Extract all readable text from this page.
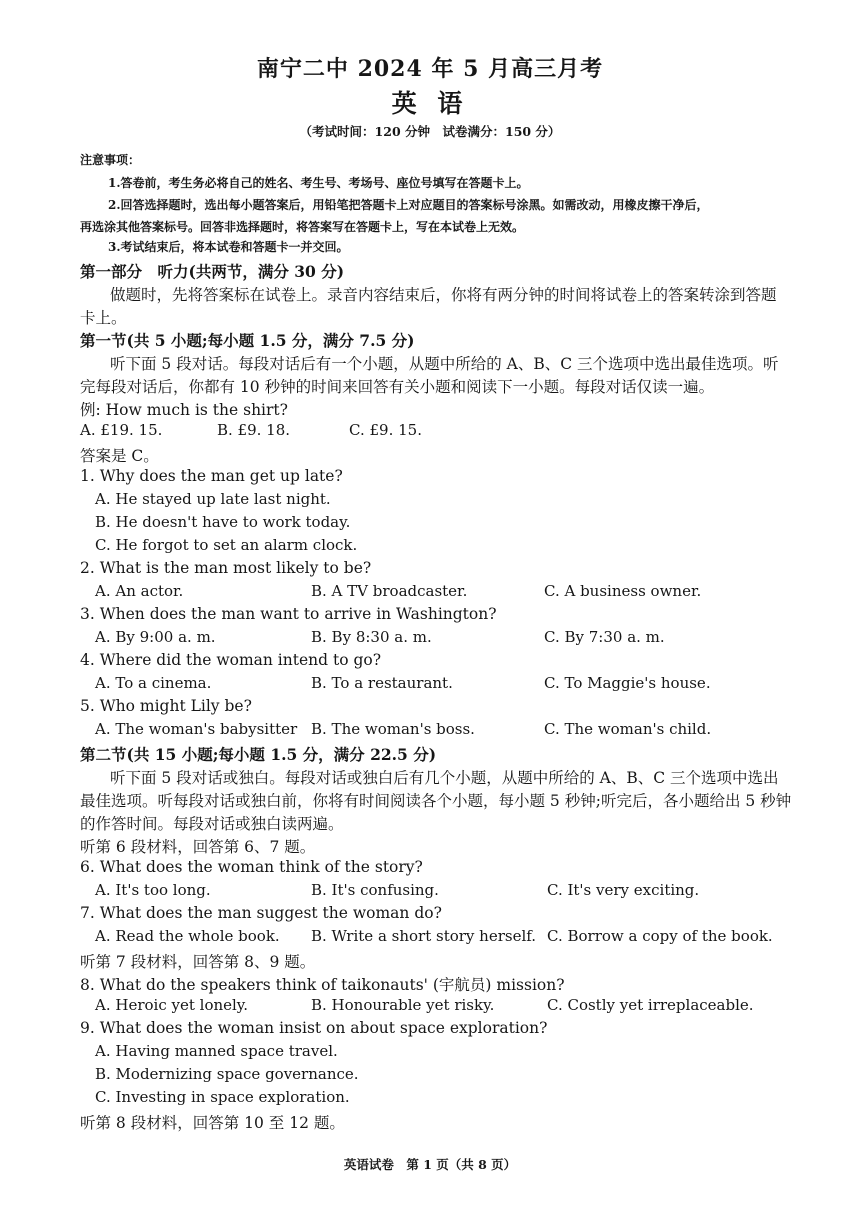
南宁二中 2024 年 5 月高三月考
英 语
（考试时间：120 分钟　试卷满分：150 分）
注意事项：
1.答卷前，考生务必将自己的姓名、考生号、考场号、座位号填写在答题卡上。
2.回答选择题时，选出每小题答案后，用铅笔把答题卡上对应题目的答案标号涂黑。如需改动，用橡皮擦干净后，
再选涂其他答案标号。回答非选择题时，将答案写在答题卡上，写在本试卷上无效。
3.考试结束后，将本试卷和答题卡一并交回。
第一部分　听力(共两节，满分 30 分)
做题时，先将答案标在试卷上。录音内容结束后，你将有两分钟的时间将试卷上的答案转涂到答题
卡上。
第一节(共 5 小题;每小题 1.5 分，满分 7.5 分)
听下面 5 段对话。每段对话后有一个小题，从题中所给的 A、B、C 三个选项中选出最佳选项。听
完每段对话后，你都有 10 秒钟的时间来回答有关小题和阅读下一小题。每段对话仅读一遍。
例: How much is the shirt?
A. £19. 15.	B. £9. 18.	C. £9. 15.
答案是 C。
1. Why does the man get up late?
A. He stayed up late last night.
B. He doesn't have to work today.
C. He forgot to set an alarm clock.
2. What is the man most likely to be?
A. An actor.	B. A TV broadcaster.	C. A business owner.
3. When does the man want to arrive in Washington?
A. By 9:00 a. m.	B. By 8:30 a. m.	C. By 7:30 a. m.
4. Where did the woman intend to go?
A. To a cinema.	B. To a restaurant.	C. To Maggie's house.
5. Who might Lily be?
A. The woman's babysitter B. The woman's boss.	C. The woman's child.
第二节(共 15 小题;每小题 1.5 分，满分 22.5 分)
听下面 5 段对话或独白。每段对话或独白后有几个小题，从题中所给的 A、B、C 三个选项中选出
最佳选项。听每段对话或独白前，你将有时间阅读各个小题，每小题 5 秒钟;听完后，各小题给出 5 秒钟
的作答时间。每段对话或独白读两遍。
听第 6 段材料，回答第 6、7 题。
6. What does the woman think of the story?
A. It's too long.	B. It's confusing.	C. It's very exciting.
7. What does the man suggest the woman do?
A. Read the whole book. B. Write a short story herself. C. Borrow a copy of the book.
听第 7 段材料，回答第 8、9 题。
8. What do the speakers think of taikonauts' (宇航员) mission?
A. Heroic yet lonely.	B. Honourable yet risky.	C. Costly yet irreplaceable.
9. What does the woman insist on about space exploration?
A. Having manned space travel.
B. Modernizing space governance.
C. Investing in space exploration.
听第 8 段材料，回答第 10 至 12 题。
英语试卷　第 1 页（共 8 页）
